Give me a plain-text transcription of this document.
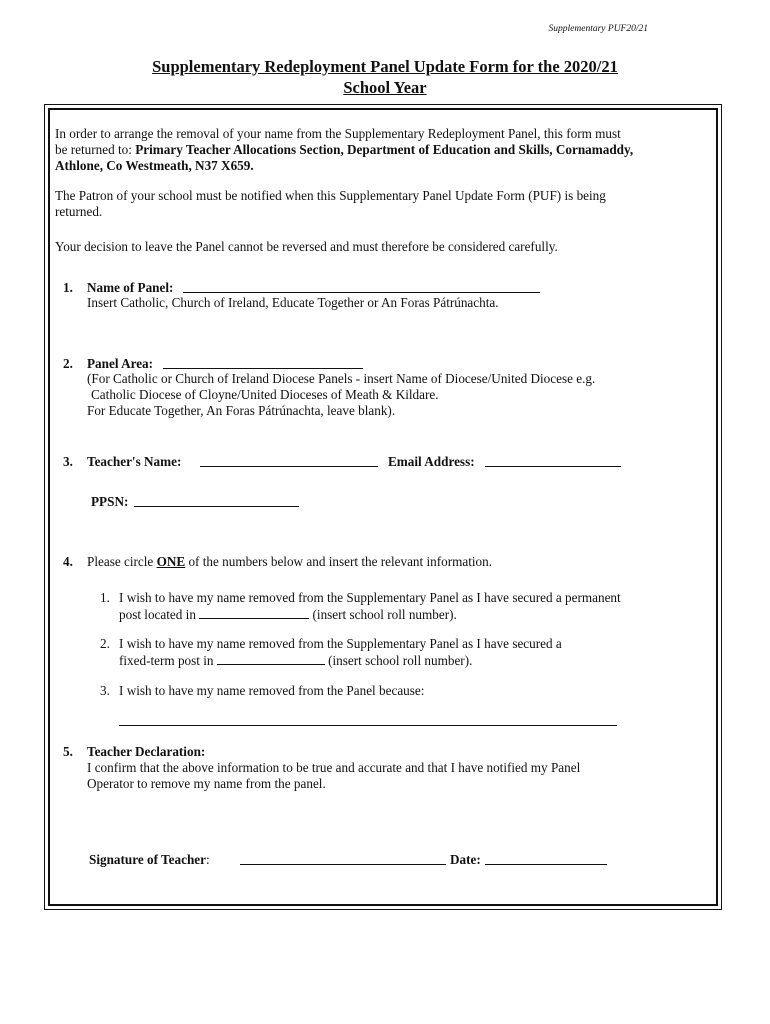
Supplementary PUF20/21
Supplementary Redeployment Panel Update Form for the 2020/21
School Year
In order to arrange the removal of your name from the Supplementary Redeployment Panel, this form must
be returned to: Primary Teacher Allocations Section, Department of Education and Skills, Cornamaddy,
Athlone, Co Westmeath, N37 X659.
The Patron of your school must be notified when this Supplementary Panel Update Form (PUF) is being
returned.
Your decision to leave the Panel cannot be reversed and must therefore be considered carefully.
1. Name of Panel:
Insert Catholic, Church of Ireland, Educate Together or An Foras Pátrúnachta.
2. Panel Area:
(For Catholic or Church of Ireland Diocese Panels - insert Name of Diocese/United Diocese e.g.
Catholic Diocese of Cloyne/United Dioceses of Meath & Kildare.
For Educate Together, An Foras Pátrúnachta, leave blank).
3. Teacher's Name:	Email Address:
PPSN:
4. Please circle ONE of the numbers below and insert the relevant information.
1. I wish to have my name removed from the Supplementary Panel as I have secured a permanent
post located in	(insert school roll number).
2. I wish to have my name removed from the Supplementary Panel as I have secured a
fixed-term post in	(insert school roll number).
3. I wish to have my name removed from the Panel because:
5. Teacher Declaration:
I confirm that the above information to be true and accurate and that I have notified my Panel
Operator to remove my name from the panel.
Signature of Teacher:	Date:
